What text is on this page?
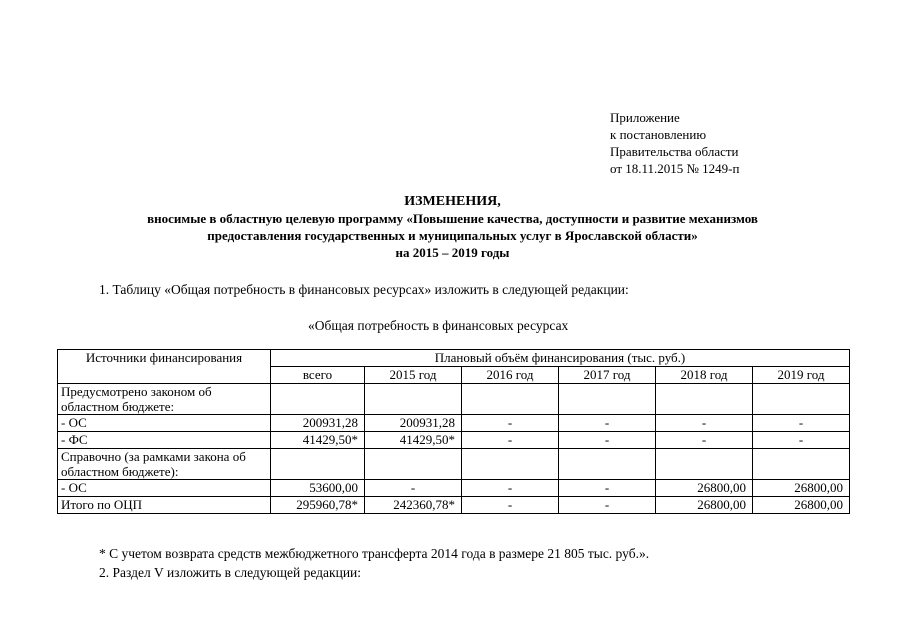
Приложение
к постановлению
Правительства области
от 18.11.2015 № 1249-п
ИЗМЕНЕНИЯ,
вносимые в областную целевую программу «Повышение качества, доступности и развитие механизмов
предоставления государственных и муниципальных услуг в Ярославской области»
на 2015 – 2019 годы
1. Таблицу «Общая потребность в финансовых ресурсах» изложить в следующей редакции:
«Общая потребность в финансовых ресурсах
Источники финансирования	Плановый объём финансирования (тыс. руб.)					
	всего	2015 год	2016 год	2017 год	2018 год	2019 год
Предусмотрено законом об областном бюджете:						
- ОС	200931,28	200931,28	-	-	-	-
- ФС	41429,50*	41429,50*	-	-	-	-
Справочно (за рамками закона об областном бюджете):						
- ОС	53600,00	-	-	-	26800,00	26800,00
Итого по ОЦП	295960,78*	242360,78*	-	-	26800,00	26800,00
* С учетом возврата средств межбюджетного трансферта 2014 года в размере 21 805 тыс. руб.».
2. Раздел V изложить в следующей редакции:
